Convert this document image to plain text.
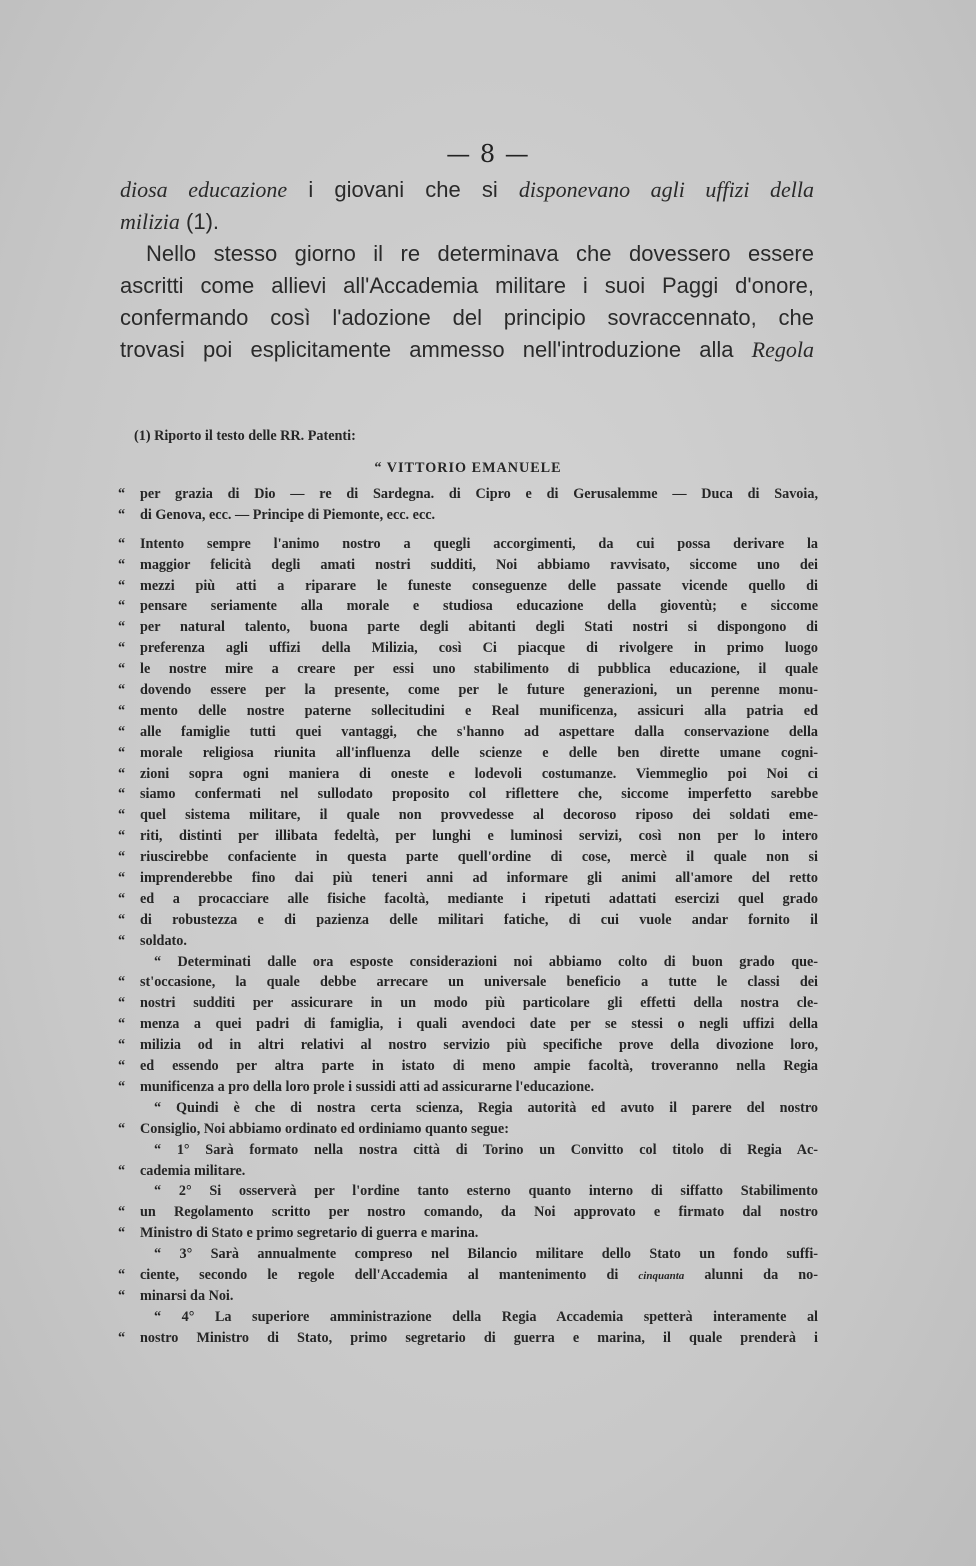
— 8 —
diosa educazione i giovani che si disponevano agli uffizi della
milizia (1).
Nello stesso giorno il re determinava che dovessero essere
ascritti come allievi all'Accademia militare i suoi Paggi d'onore,
confermando così l'adozione del principio sovraccennato, che
trovasi poi esplicitamente ammesso nell'introduzione alla Regola
(1) Riporto il testo delle RR. Patenti:
“ VITTORIO EMANUELE
“ per grazia di Dio — re di Sardegna. di Cipro e di Gerusalemme — Duca di Savoia,
“ di Genova, ecc. — Principe di Piemonte, ecc. ecc.
“ Intento sempre l'animo nostro a quegli accorgimenti, da cui possa derivare la
“ maggior felicità degli amati nostri sudditi, Noi abbiamo ravvisato, siccome uno dei
“ mezzi più atti a riparare le funeste conseguenze delle passate vicende quello di
“ pensare seriamente alla morale e studiosa educazione della gioventù; e siccome
“ per natural talento, buona parte degli abitanti degli Stati nostri si dispongono di
“ preferenza agli uffizi della Milizia, così Ci piacque di rivolgere in primo luogo
“ le nostre mire a creare per essi uno stabilimento di pubblica educazione, il quale
“ dovendo essere per la presente, come per le future generazioni, un perenne monu-
“ mento delle nostre paterne sollecitudini e Real munificenza, assicuri alla patria ed
“ alle famiglie tutti quei vantaggi, che s'hanno ad aspettare dalla conservazione della
“ morale religiosa riunita all'influenza delle scienze e delle ben dirette umane cogni-
“ zioni sopra ogni maniera di oneste e lodevoli costumanze. Viemmeglio poi Noi ci
“ siamo confermati nel sullodato proposito col riflettere che, siccome imperfetto sarebbe
“ quel sistema militare, il quale non provvedesse al decoroso riposo dei soldati eme-
“ riti, distinti per illibata fedeltà, per lunghi e luminosi servizi, così non per lo intero
“ riuscirebbe confaciente in questa parte quell'ordine di cose, mercè il quale non si
“ imprenderebbe fino dai più teneri anni ad informare gli animi all'amore del retto
“ ed a procacciare alle fisiche facoltà, mediante i ripetuti adattati esercizi quel grado
“ di robustezza e di pazienza delle militari fatiche, di cui vuole andar fornito il
“ soldato.
“ Determinati dalle ora esposte considerazioni noi abbiamo colto di buon grado que-
“ st'occasione, la quale debbe arrecare un universale beneficio a tutte le classi dei
“ nostri sudditi per assicurare in un modo più particolare gli effetti della nostra cle-
“ menza a quei padri di famiglia, i quali avendoci date per se stessi o negli uffizi della
“ milizia od in altri relativi al nostro servizio più specifiche prove della divozione loro,
“ ed essendo per altra parte in istato di meno ampie facoltà, troveranno nella Regia
“ munificenza a pro della loro prole i sussidi atti ad assicurarne l'educazione.
“ Quindi è che di nostra certa scienza, Regia autorità ed avuto il parere del nostro
“ Consiglio, Noi abbiamo ordinato ed ordiniamo quanto segue:
“ 1° Sarà formato nella nostra città di Torino un Convitto col titolo di Regia Ac-
“ cademia militare.
“ 2° Si osserverà per l'ordine tanto esterno quanto interno di siffatto Stabilimento
“ un Regolamento scritto per nostro comando, da Noi approvato e firmato dal nostro
“ Ministro di Stato e primo segretario di guerra e marina.
“ 3° Sarà annualmente compreso nel Bilancio militare dello Stato un fondo suffi-
“ ciente, secondo le regole dell'Accademia al mantenimento di cinquanta alunni da no-
“ minarsi da Noi.
“ 4° La superiore amministrazione della Regia Accademia spetterà interamente al
“ nostro Ministro di Stato, primo segretario di guerra e marina, il quale prenderà i
